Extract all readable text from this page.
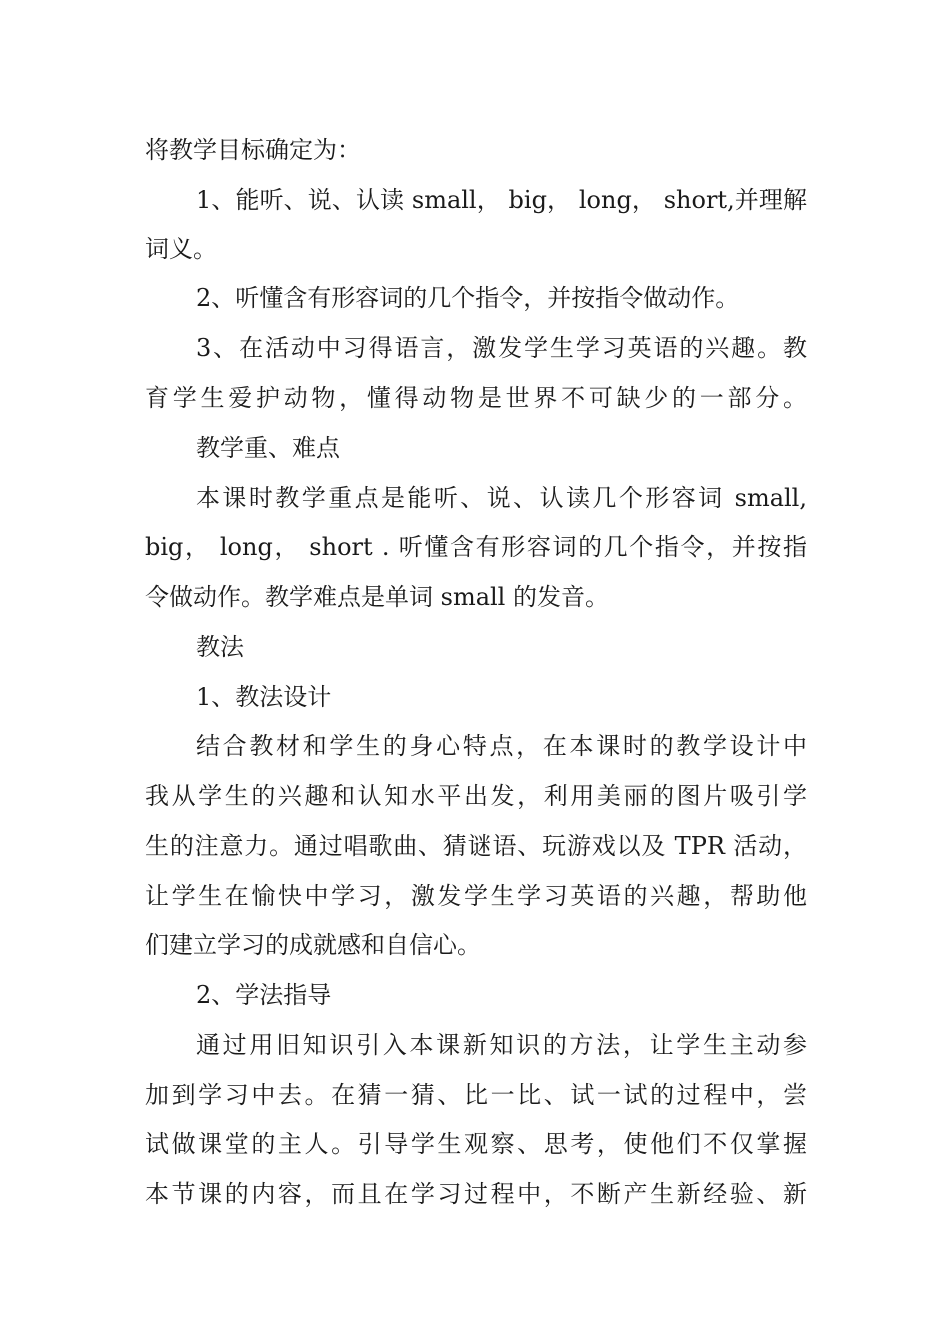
将教学目标确定为：
1、能听、说、认读 small， big， long， short,并理解
词义。
2、听懂含有形容词的几个指令，并按指令做动作。
3、在活动中习得语言，激发学生学习英语的兴趣。教
育学生爱护动物，懂得动物是世界不可缺少的一部分。
教学重、难点
本课时教学重点是能听、说、认读几个形容词 small,
big， long， short . 听懂含有形容词的几个指令，并按指
令做动作。教学难点是单词 small 的发音。
教法
1、教法设计
结合教材和学生的身心特点，在本课时的教学设计中
我从学生的兴趣和认知水平出发，利用美丽的图片吸引学
生的注意力。通过唱歌曲、猜谜语、玩游戏以及 TPR 活动，
让学生在愉快中学习，激发学生学习英语的兴趣，帮助他
们建立学习的成就感和自信心。
2、学法指导
通过用旧知识引入本课新知识的方法，让学生主动参
加到学习中去。在猜一猜、比一比、试一试的过程中，尝
试做课堂的主人。引导学生观察、思考，使他们不仅掌握
本节课的内容，而且在学习过程中，不断产生新经验、新
